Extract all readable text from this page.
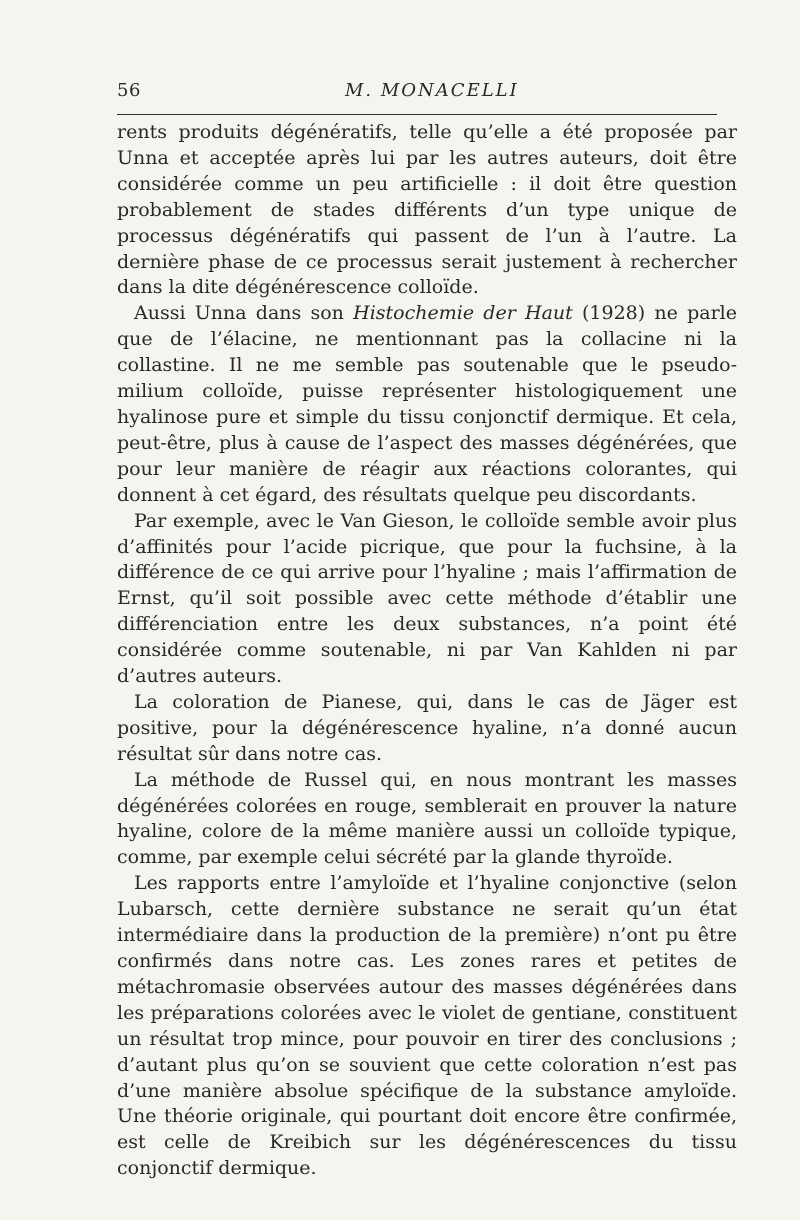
56	M. MONACELLI

rents produits dégénératifs, telle qu’elle a été proposée par Unna et acceptée après lui par les autres auteurs, doit être considérée comme un peu artificielle : il doit être question probablement de stades différents d’un type unique de processus dégénératifs qui passent de l’un à l’autre. La dernière phase de ce processus serait justement à rechercher dans la dite dégénérescence colloïde.

Aussi Unna dans son Histochemie der Haut (1928) ne parle que de l’élacine, ne mentionnant pas la collacine ni la collastine. Il ne me semble pas soutenable que le pseudo-milium colloïde, puisse représenter histologiquement une hyalinose pure et simple du tissu conjonctif dermique. Et cela, peut-être, plus à cause de l’aspect des masses dégénérées, que pour leur manière de réagir aux réactions colorantes, qui donnent à cet égard, des résultats quelque peu discordants.

Par exemple, avec le Van Gieson, le colloïde semble avoir plus d’affinités pour l’acide picrique, que pour la fuchsine, à la différence de ce qui arrive pour l’hyaline ; mais l’affirmation de Ernst, qu’il soit possible avec cette méthode d’établir une différenciation entre les deux substances, n’a point été considérée comme soutenable, ni par Van Kahlden ni par d’autres auteurs.

La coloration de Pianese, qui, dans le cas de Jäger est positive, pour la dégénérescence hyaline, n’a donné aucun résultat sûr dans notre cas.

La méthode de Russel qui, en nous montrant les masses dégénérées colorées en rouge, semblerait en prouver la nature hyaline, colore de la même manière aussi un colloïde typique, comme, par exemple celui sécrété par la glande thyroïde.

Les rapports entre l’amyloïde et l’hyaline conjonctive (selon Lubarsch, cette dernière substance ne serait qu’un état intermédiaire dans la production de la première) n’ont pu être confirmés dans notre cas. Les zones rares et petites de métachromasie observées autour des masses dégénérées dans les préparations colorées avec le violet de gentiane, constituent un résultat trop mince, pour pouvoir en tirer des conclusions ; d’autant plus qu’on se souvient que cette coloration n’est pas d’une manière absolue spécifique de la substance amyloïde. Une théorie originale, qui pourtant doit encore être confirmée, est celle de Kreibich sur les dégénérescences du tissu conjonctif dermique.
